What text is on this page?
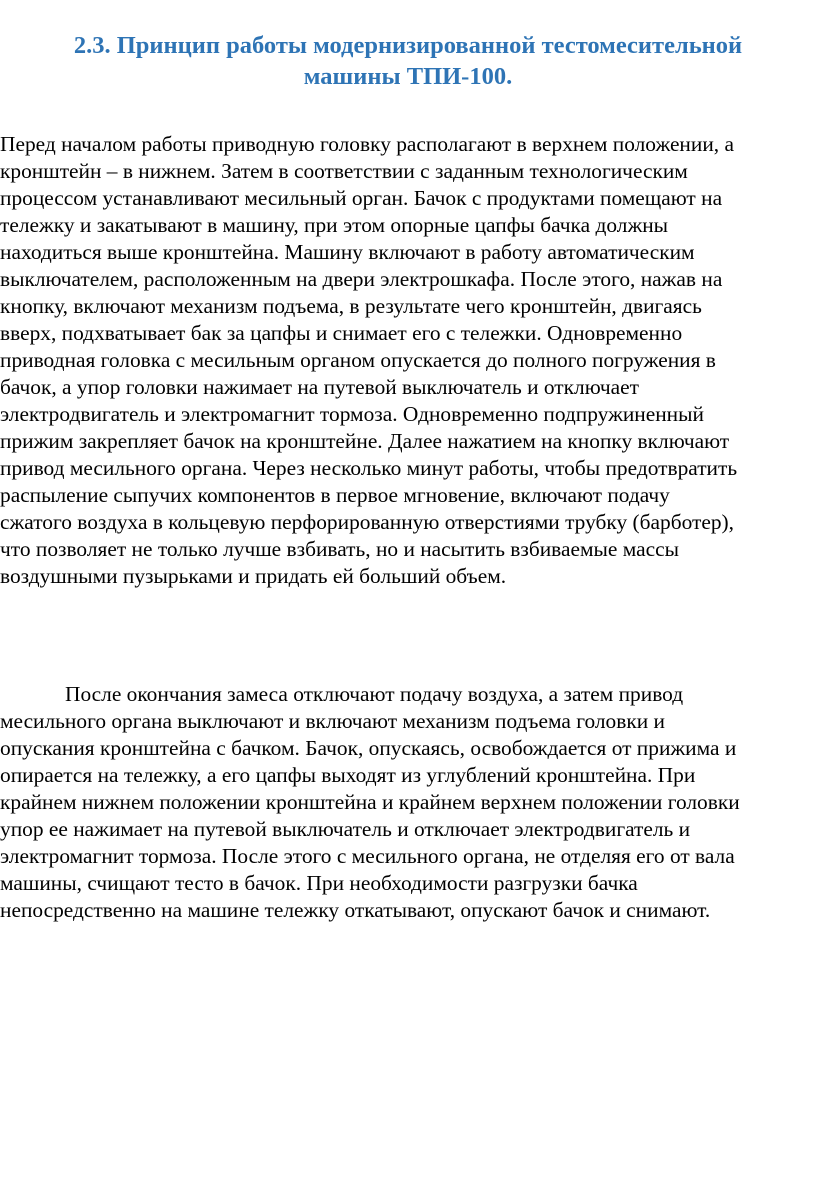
2.3. Принцип работы модернизированной тестомесительной
машины ТПИ-100.
Перед началом работы приводную головку располагают в верхнем положении, а
кронштейн – в нижнем. Затем в соответствии с заданным технологическим
процессом устанавливают месильный орган. Бачок с продуктами помещают на
тележку и закатывают в машину, при этом опорные цапфы бачка должны
находиться выше кронштейна. Машину включают в работу автоматическим
выключателем, расположенным на двери электрошкафа. После этого, нажав на
кнопку, включают механизм подъема, в результате чего кронштейн, двигаясь
вверх, подхватывает бак за цапфы и снимает его с тележки. Одновременно
приводная головка с месильным органом опускается до полного погружения в
бачок, а упор головки нажимает на путевой выключатель и отключает
электродвигатель и электромагнит тормоза. Одновременно подпружиненный
прижим закрепляет бачок на кронштейне. Далее нажатием на кнопку включают
привод месильного органа. Через несколько минут работы, чтобы предотвратить
распыление сыпучих компонентов в первое мгновение, включают подачу
сжатого воздуха в кольцевую перфорированную отверстиями трубку (барботер),
что позволяет не только лучше взбивать, но и насытить взбиваемые массы
воздушными пузырьками и придать ей больший объем.
После окончания замеса отключают подачу воздуха, а затем привод
месильного органа выключают и включают механизм подъема головки и
опускания кронштейна с бачком. Бачок, опускаясь, освобождается от прижима и
опирается на тележку, а его цапфы выходят из углублений кронштейна. При
крайнем нижнем положении кронштейна и крайнем верхнем положении головки
упор ее нажимает на путевой выключатель и отключает электродвигатель и
электромагнит тормоза. После этого с месильного органа, не отделяя его от вала
машины, счищают тесто в бачок. При необходимости разгрузки бачка
непосредственно на машине тележку откатывают, опускают бачок и снимают.
